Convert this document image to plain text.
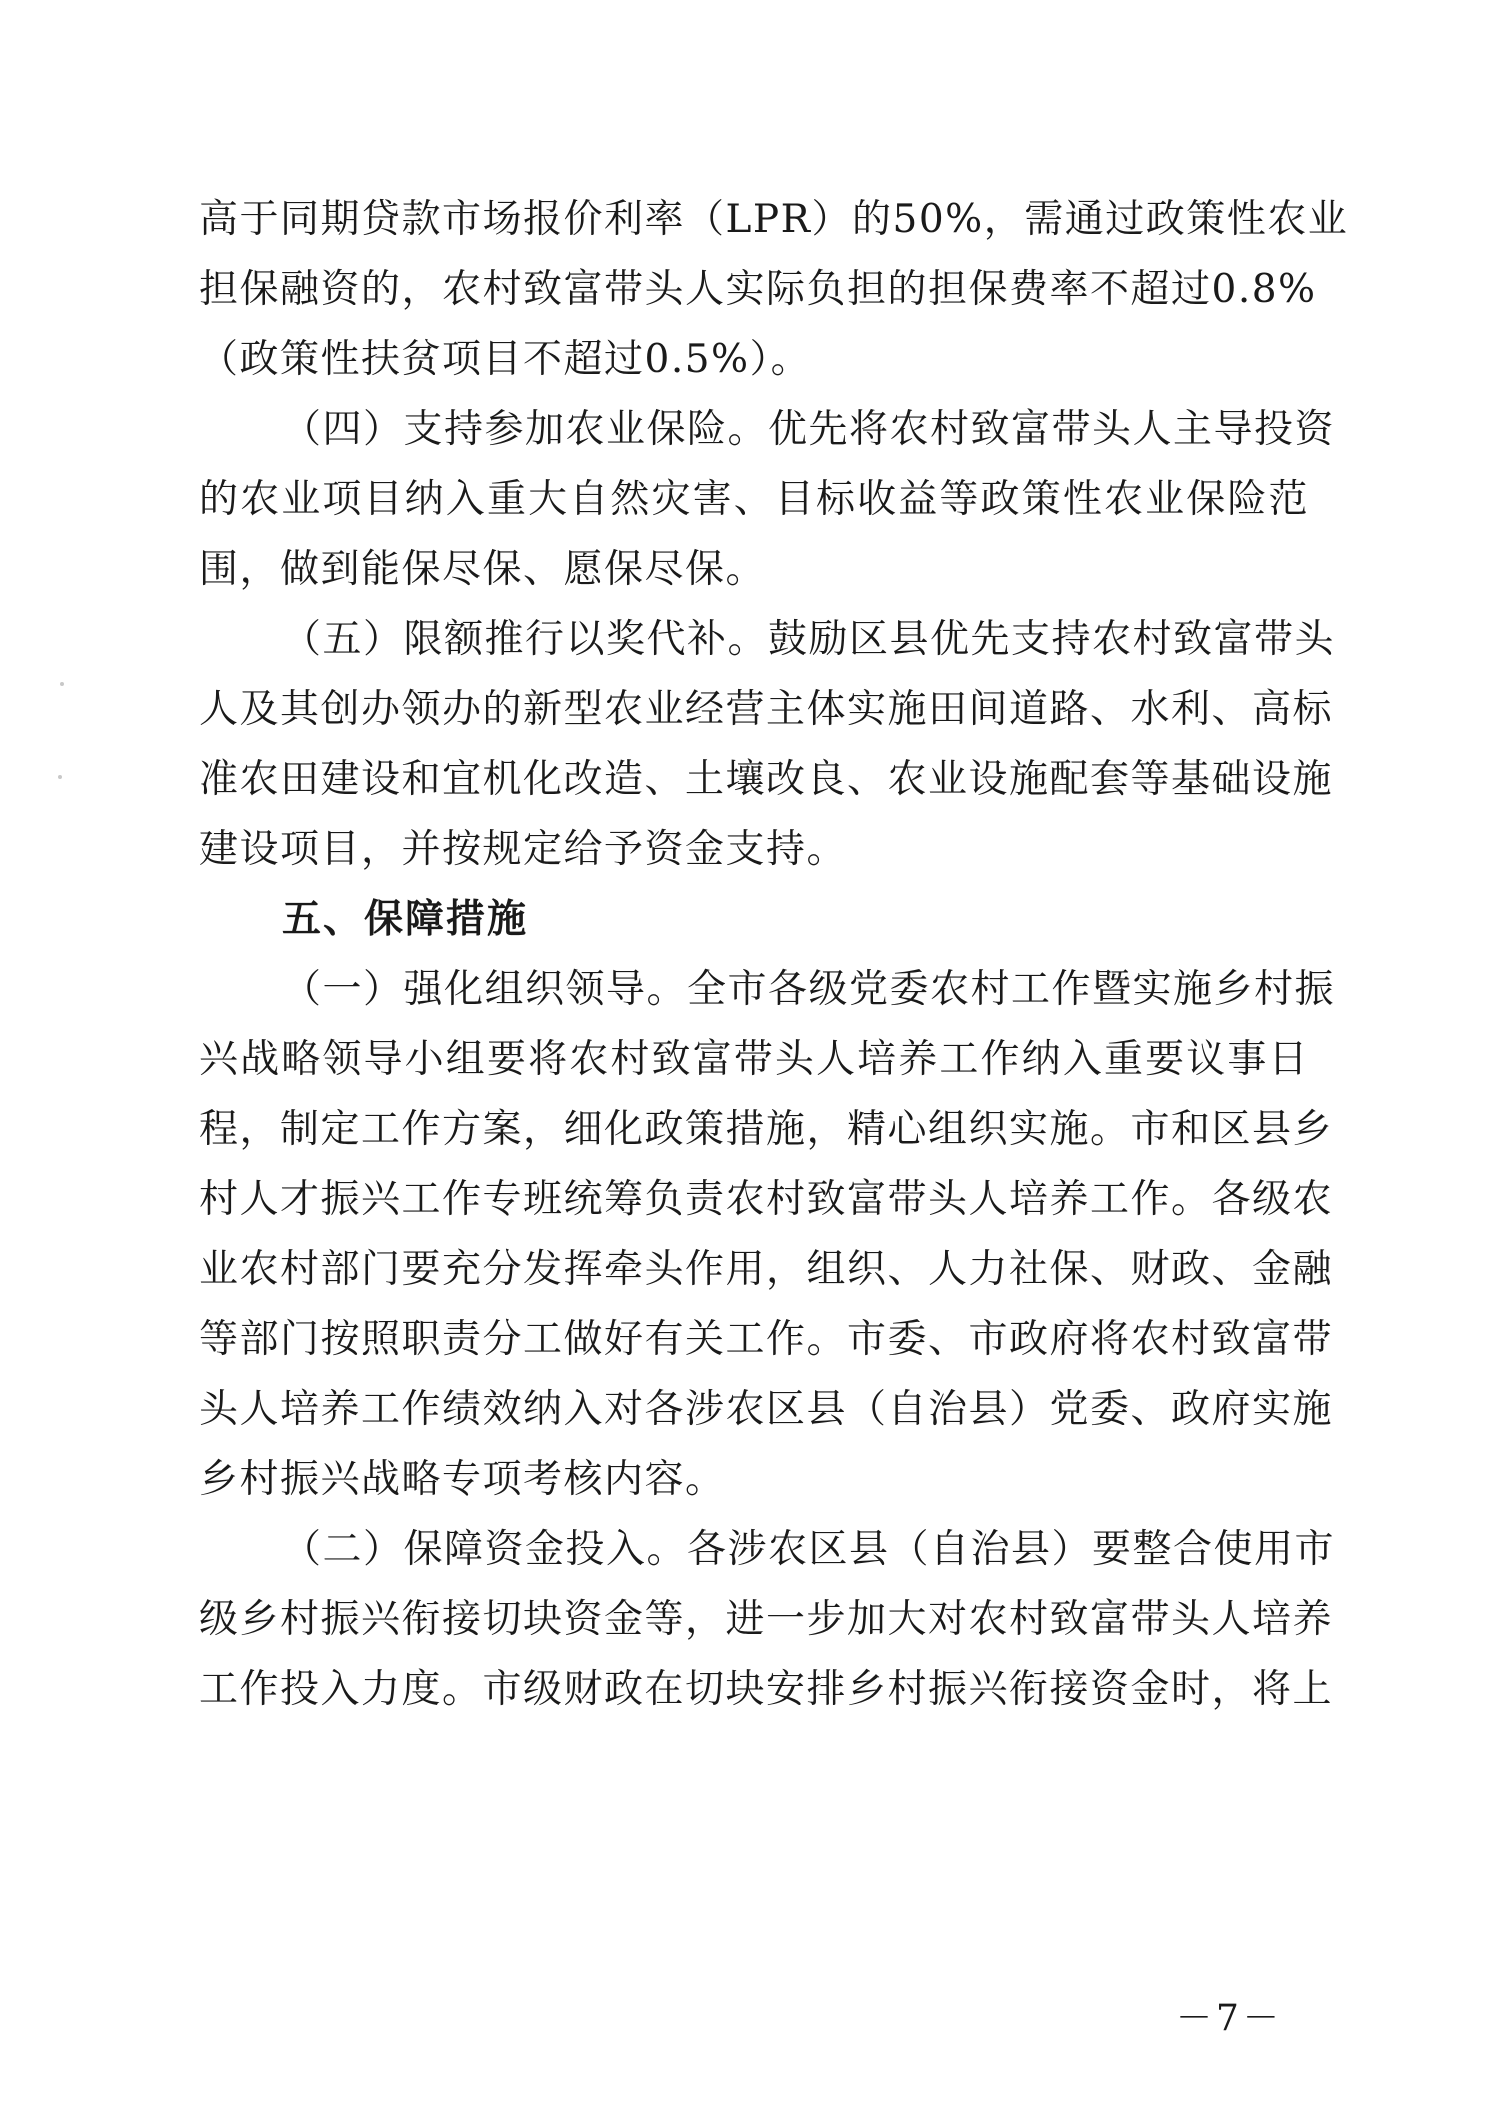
高于同期贷款市场报价利率（LPR）的50%，需通过政策性农业
担保融资的，农村致富带头人实际负担的担保费率不超过0.8%
（政策性扶贫项目不超过0.5%）。
（四）支持参加农业保险。优先将农村致富带头人主导投资
的农业项目纳入重大自然灾害、目标收益等政策性农业保险范
围，做到能保尽保、愿保尽保。
（五）限额推行以奖代补。鼓励区县优先支持农村致富带头
人及其创办领办的新型农业经营主体实施田间道路、水利、高标
准农田建设和宜机化改造、土壤改良、农业设施配套等基础设施
建设项目，并按规定给予资金支持。
五、保障措施
（一）强化组织领导。全市各级党委农村工作暨实施乡村振
兴战略领导小组要将农村致富带头人培养工作纳入重要议事日
程，制定工作方案，细化政策措施，精心组织实施。市和区县乡
村人才振兴工作专班统筹负责农村致富带头人培养工作。各级农
业农村部门要充分发挥牵头作用，组织、人力社保、财政、金融
等部门按照职责分工做好有关工作。市委、市政府将农村致富带
头人培养工作绩效纳入对各涉农区县（自治县）党委、政府实施
乡村振兴战略专项考核内容。
（二）保障资金投入。各涉农区县（自治县）要整合使用市
级乡村振兴衔接切块资金等，进一步加大对农村致富带头人培养
工作投入力度。市级财政在切块安排乡村振兴衔接资金时，将上
－7－
